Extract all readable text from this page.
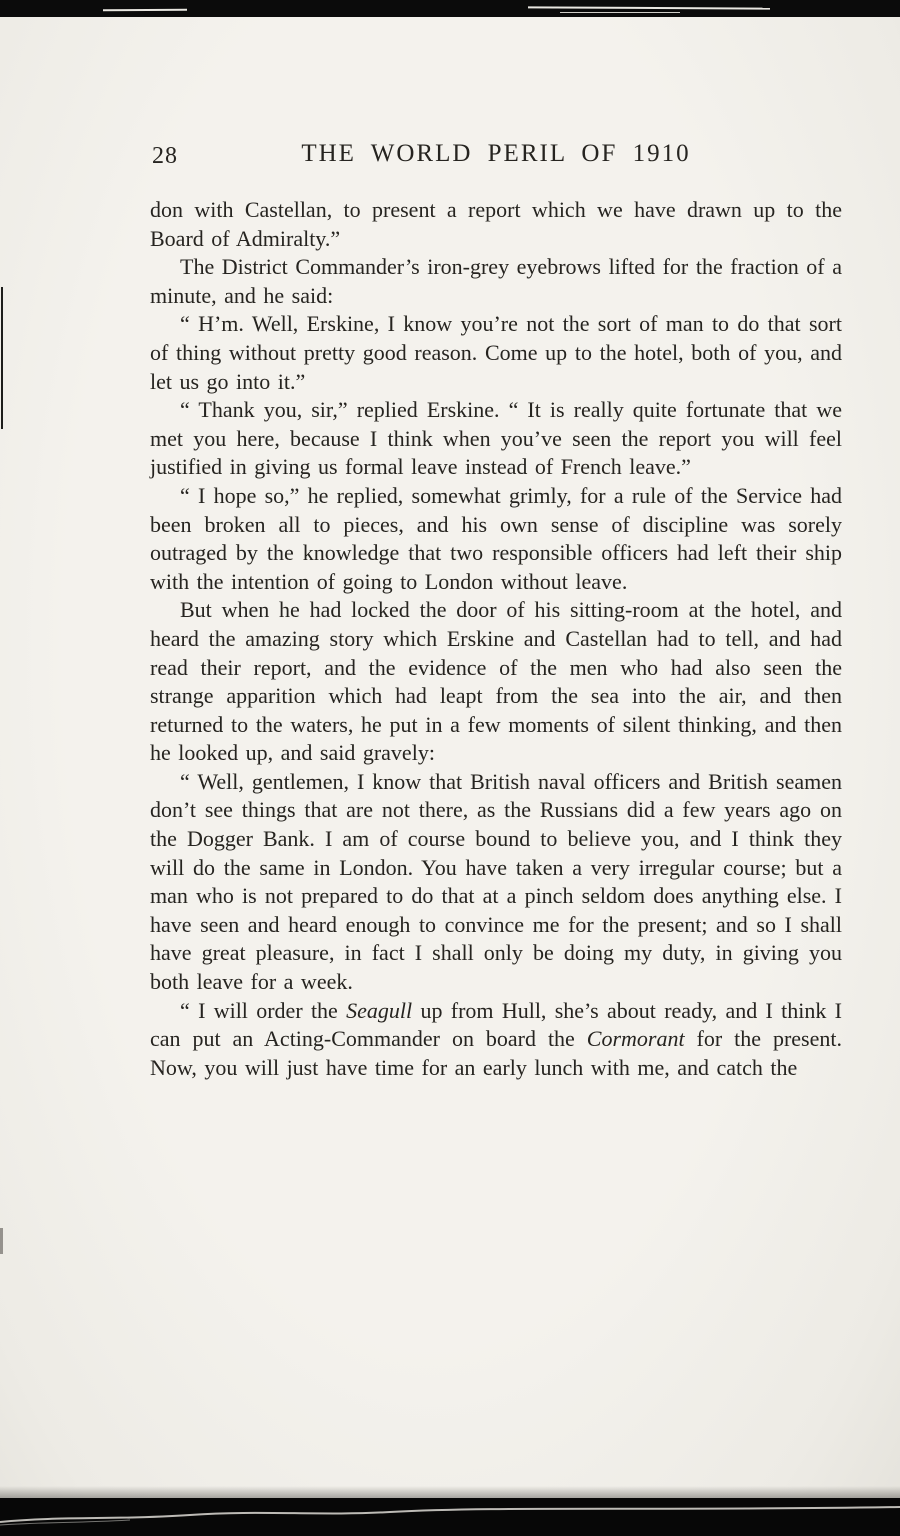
28	THE WORLD PERIL OF 1910

don with Castellan, to present a report which we have drawn up to the Board of Admiralty.”

The District Commander’s iron-grey eyebrows lifted for the fraction of a minute, and he said:

“ H’m. Well, Erskine, I know you’re not the sort of man to do that sort of thing without pretty good reason. Come up to the hotel, both of you, and let us go into it.”

“ Thank you, sir,” replied Erskine. “ It is really quite fortunate that we met you here, because I think when you’ve seen the report you will feel justified in giving us formal leave instead of French leave.”

“ I hope so,” he replied, somewhat grimly, for a rule of the Service had been broken all to pieces, and his own sense of discipline was sorely outraged by the knowledge that two responsible officers had left their ship with the intention of going to London without leave.

But when he had locked the door of his sitting-room at the hotel, and heard the amazing story which Erskine and Castellan had to tell, and had read their report, and the evidence of the men who had also seen the strange apparition which had leapt from the sea into the air, and then returned to the waters, he put in a few moments of silent thinking, and then he looked up, and said gravely:

“ Well, gentlemen, I know that British naval officers and British seamen don’t see things that are not there, as the Russians did a few years ago on the Dogger Bank. I am of course bound to believe you, and I think they will do the same in London. You have taken a very irregular course; but a man who is not prepared to do that at a pinch seldom does anything else. I have seen and heard enough to convince me for the present; and so I shall have great pleasure, in fact I shall only be doing my duty, in giving you both leave for a week.

“ I will order the Seagull up from Hull, she’s about ready, and I think I can put an Acting-Commander on board the Cormorant for the present. Now, you will just have time for an early lunch with me, and catch the
